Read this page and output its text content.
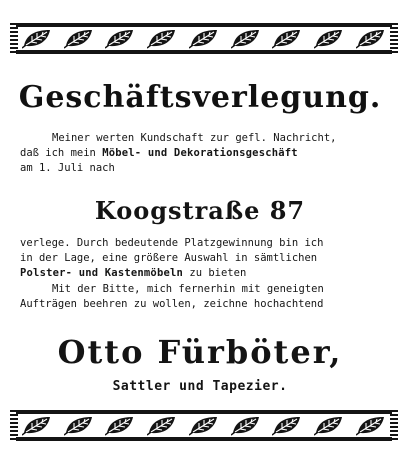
Geschäftsverlegung.
Meiner werten Kundschaft zur gefl. Nachricht,
daß ich mein Möbel- und Dekorationsgeschäft
am 1. Juli nach
Koogstraße 87
verlege. Durch bedeutende Platzgewinnung bin ich
in der Lage, eine größere Auswahl in sämtlichen
Polster- und Kastenmöbeln zu bieten
Mit der Bitte, mich fernerhin mit geneigten
Aufträgen beehren zu wollen, zeichne hochachtend
Otto Fürböter,
Sattler und Tapezier.
